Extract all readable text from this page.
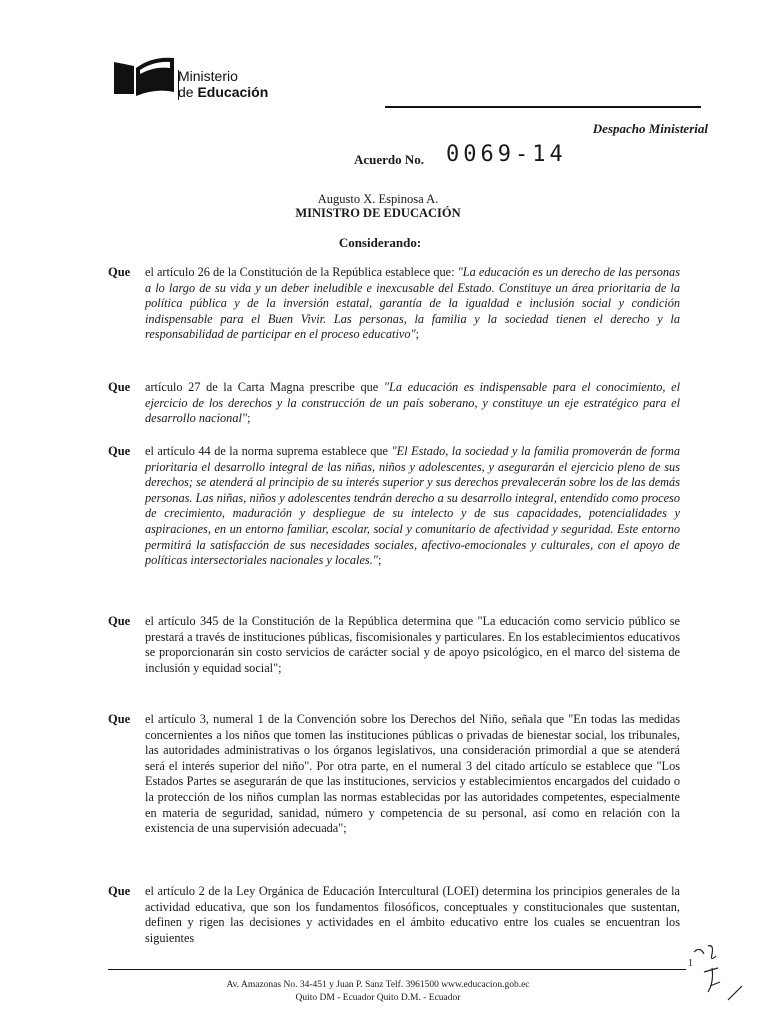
Ministerio
de Educación
Despacho Ministerial
Acuerdo No. 0069-14
Augusto X. Espinosa A.
MINISTRO DE EDUCACIÓN
Considerando:
Que el artículo 26 de la Constitución de la República establece que: "La educación es un derecho de las personas a lo largo de su vida y un deber ineludible e inexcusable del Estado. Constituye un área prioritaria de la política pública y de la inversión estatal, garantía de la igualdad e inclusión social y condición indispensable para el Buen Vivir. Las personas, la familia y la sociedad tienen el derecho y la responsabilidad de participar en el proceso educativo";
Que artículo 27 de la Carta Magna prescribe que "La educación es indispensable para el conocimiento, el ejercicio de los derechos y la construcción de un país soberano, y constituye un eje estratégico para el desarrollo nacional";
Que el artículo 44 de la norma suprema establece que "El Estado, la sociedad y la familia promoverán de forma prioritaria el desarrollo integral de las niñas, niños y adolescentes, y asegurarán el ejercicio pleno de sus derechos; se atenderá al principio de su interés superior y sus derechos prevalecerán sobre los de las demás personas. Las niñas, niños y adolescentes tendrán derecho a su desarrollo integral, entendido como proceso de crecimiento, maduración y despliegue de su intelecto y de sus capacidades, potencialidades y aspiraciones, en un entorno familiar, escolar, social y comunitario de afectividad y seguridad. Este entorno permitirá la satisfacción de sus necesidades sociales, afectivo-emocionales y culturales, con el apoyo de políticas intersectoriales nacionales y locales.";
Que el artículo 345 de la Constitución de la República determina que "La educación como servicio público se prestará a través de instituciones públicas, fiscomisionales y particulares. En los establecimientos educativos se proporcionarán sin costo servicios de carácter social y de apoyo psicológico, en el marco del sistema de inclusión y equidad social";
Que el artículo 3, numeral 1 de la Convención sobre los Derechos del Niño, señala que "En todas las medidas concernientes a los niños que tomen las instituciones públicas o privadas de bienestar social, los tribunales, las autoridades administrativas o los órganos legislativos, una consideración primordial a que se atenderá será el interés superior del niño". Por otra parte, en el numeral 3 del citado artículo se establece que "Los Estados Partes se asegurarán de que las instituciones, servicios y establecimientos encargados del cuidado o la protección de los niños cumplan las normas establecidas por las autoridades competentes, especialmente en materia de seguridad, sanidad, número y competencia de su personal, así como en relación con la existencia de una supervisión adecuada";
Que el artículo 2 de la Ley Orgánica de Educación Intercultural (LOEI) determina los principios generales de la actividad educativa, que son los fundamentos filosóficos, conceptuales y constitucionales que sustentan, definen y rigen las decisiones y actividades en el ámbito educativo entre los cuales se encuentran los siguientes
1
Av. Amazonas No. 34-451 y Juan P. Sanz Telf. 3961500 www.educacion.gob.ec
Quito DM - Ecuador Quito D.M. - Ecuador
